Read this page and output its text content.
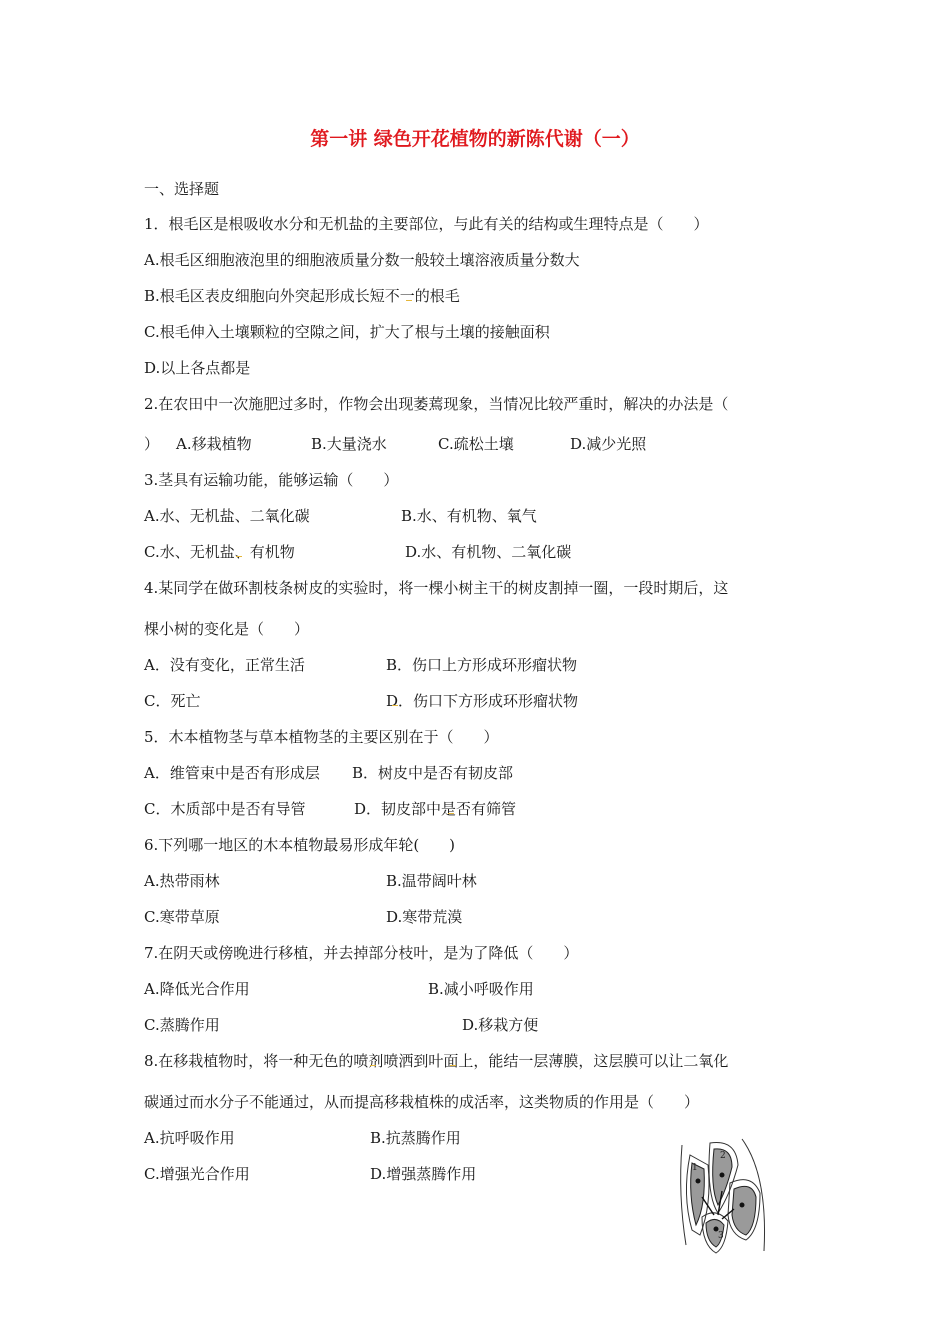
第一讲 绿色开花植物的新陈代谢（一）
一、选择题
1．根毛区是根吸收水分和无机盐的主要部位，与此有关的结构或生理特点是（　　）
A.根毛区细胞液泡里的细胞液质量分数一般较土壤溶液质量分数大
B.根毛区表皮细胞向外突起形成长短不一的根毛
C.根毛伸入土壤颗粒的空隙之间，扩大了根与土壤的接触面积
D.以上各点都是
2.在农田中一次施肥过多时，作物会出现萎蔫现象，当情况比较严重时，解决的办法是（
） A.移栽植物	B.大量浇水	C.疏松土壤	D.减少光照
3.茎具有运输功能，能够运输（　　）
A.水、无机盐、二氧化碳	B.水、有机物、氧气
C.水、无机盐、有机物	D.水、有机物、二氧化碳
4.某同学在做环割枝条树皮的实验时，将一棵小树主干的树皮割掉一圈，一段时期后，这
棵小树的变化是（　　）
A．没有变化，正常生活	B．伤口上方形成环形瘤状物
C．死亡	D．伤口下方形成环形瘤状物
5．木本植物茎与草本植物茎的主要区别在于（　　）
A．维管束中是否有形成层 B．树皮中是否有韧皮部
C．木质部中是否有导管	D．韧皮部中是否有筛管
6.下列哪一地区的木本植物最易形成年轮(　　)
A.热带雨林	B.温带阔叶林
C.寒带草原	D.寒带荒漠
7.在阴天或傍晚进行移植，并去掉部分枝叶，是为了降低（　　）
A.降低光合作用	B.减小呼吸作用
C.蒸腾作用	D.移栽方便
8.在移栽植物时，将一种无色的喷剂喷洒到叶面上，能结一层薄膜，这层膜可以让二氧化
碳通过而水分子不能通过，从而提高移栽植株的成活率，这类物质的作用是（　　）
A.抗呼吸作用	B.抗蒸腾作用
C.增强光合作用	D.增强蒸腾作用	1
2
3
